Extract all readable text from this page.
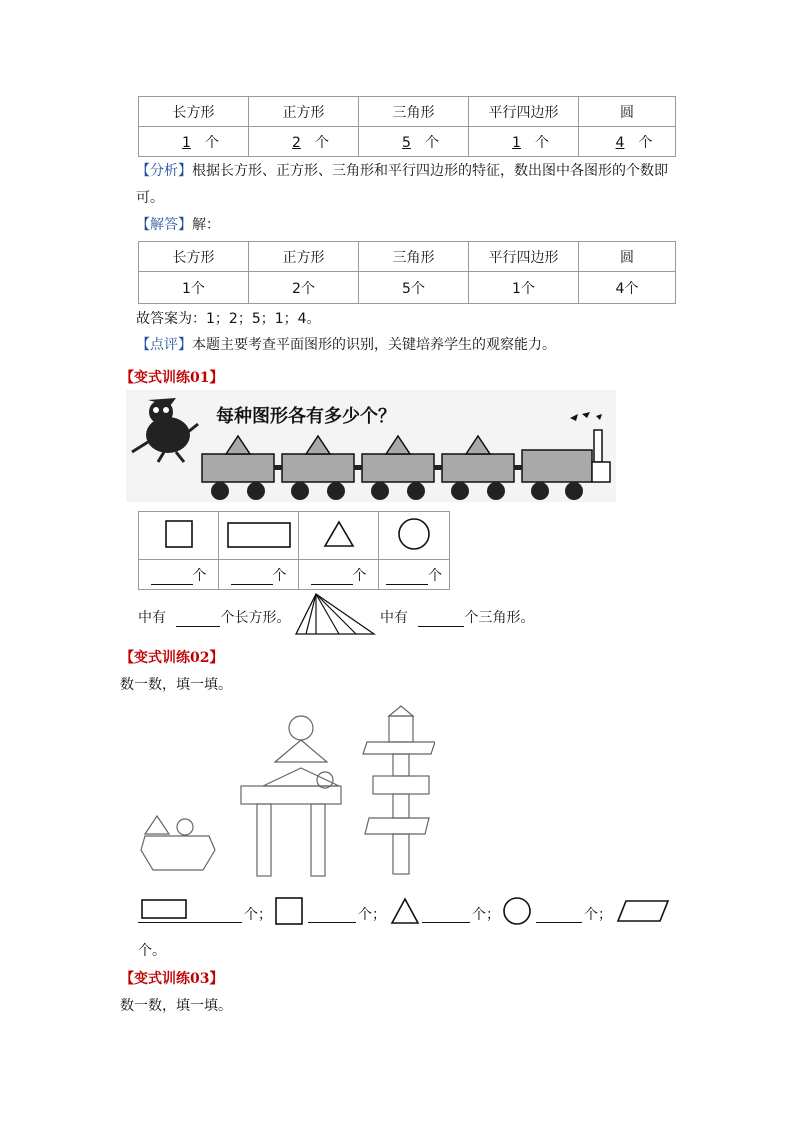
长方形	正方形	三角形	平行四边形	圆
1 个	2 个	5 个	1 个	4 个
【分析】根据长方形、正方形、三角形和平行四边形的特征，数出图中各图形的个数即
可。
【解答】解：
长方形	正方形	三角形	平行四边形	圆
1个	2个	5个	1个	4个
故答案为：1；2；5；1；4。
【点评】本题主要考查平面图形的识别，关键培养学生的观察能力。
【变式训练01】
每种图形各有多少个？

个	个	个	个
中有	个长方形。	中有	个三角形。
【变式训练02】
数一数，填一填。
个；	个；	个；	个；
个。
【变式训练03】
数一数，填一填。
